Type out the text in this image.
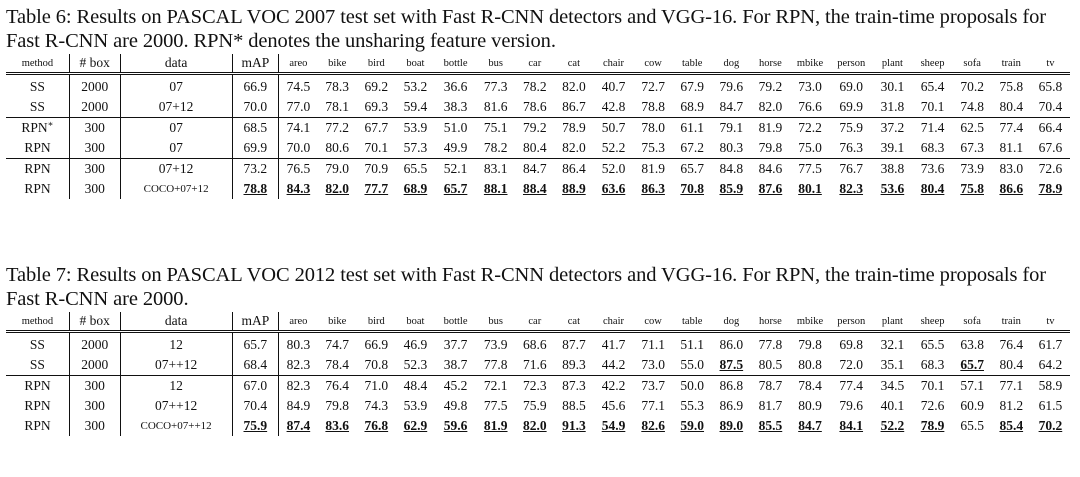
Table 6: Results on PASCAL VOC 2007 test set with Fast R-CNN detectors and VGG-16. For RPN, the train-time proposals for Fast R-CNN are 2000. RPN* denotes the unsharing feature version.
method	# box	data	mAP	areo	bike	bird	boat	bottle	bus	car	cat	chair	cow	table	dog	horse	mbike	person	plant	sheep	sofa	train	tv
SS	2000	07	66.9	74.5	78.3	69.2	53.2	36.6	77.3	78.2	82.0	40.7	72.7	67.9	79.6	79.2	73.0	69.0	30.1	65.4	70.2	75.8	65.8
SS	2000	07+12	70.0	77.0	78.1	69.3	59.4	38.3	81.6	78.6	86.7	42.8	78.8	68.9	84.7	82.0	76.6	69.9	31.8	70.1	74.8	80.4	70.4
RPN∗	300	07	68.5	74.1	77.2	67.7	53.9	51.0	75.1	79.2	78.9	50.7	78.0	61.1	79.1	81.9	72.2	75.9	37.2	71.4	62.5	77.4	66.4
RPN	300	07	69.9	70.0	80.6	70.1	57.3	49.9	78.2	80.4	82.0	52.2	75.3	67.2	80.3	79.8	75.0	76.3	39.1	68.3	67.3	81.1	67.6
RPN	300	07+12	73.2	76.5	79.0	70.9	65.5	52.1	83.1	84.7	86.4	52.0	81.9	65.7	84.8	84.6	77.5	76.7	38.8	73.6	73.9	83.0	72.6
RPN	300	COCO+07+12	78.8	84.3	82.0	77.7	68.9	65.7	88.1	88.4	88.9	63.6	86.3	70.8	85.9	87.6	80.1	82.3	53.6	80.4	75.8	86.6	78.9
Table 7: Results on PASCAL VOC 2012 test set with Fast R-CNN detectors and VGG-16. For RPN, the train-time proposals for Fast R-CNN are 2000.
method	# box	data	mAP	areo	bike	bird	boat	bottle	bus	car	cat	chair	cow	table	dog	horse	mbike	person	plant	sheep	sofa	train	tv
SS	2000	12	65.7	80.3	74.7	66.9	46.9	37.7	73.9	68.6	87.7	41.7	71.1	51.1	86.0	77.8	79.8	69.8	32.1	65.5	63.8	76.4	61.7
SS	2000	07++12	68.4	82.3	78.4	70.8	52.3	38.7	77.8	71.6	89.3	44.2	73.0	55.0	87.5	80.5	80.8	72.0	35.1	68.3	65.7	80.4	64.2
RPN	300	12	67.0	82.3	76.4	71.0	48.4	45.2	72.1	72.3	87.3	42.2	73.7	50.0	86.8	78.7	78.4	77.4	34.5	70.1	57.1	77.1	58.9
RPN	300	07++12	70.4	84.9	79.8	74.3	53.9	49.8	77.5	75.9	88.5	45.6	77.1	55.3	86.9	81.7	80.9	79.6	40.1	72.6	60.9	81.2	61.5
RPN	300	COCO+07++12	75.9	87.4	83.6	76.8	62.9	59.6	81.9	82.0	91.3	54.9	82.6	59.0	89.0	85.5	84.7	84.1	52.2	78.9	65.5	85.4	70.2
